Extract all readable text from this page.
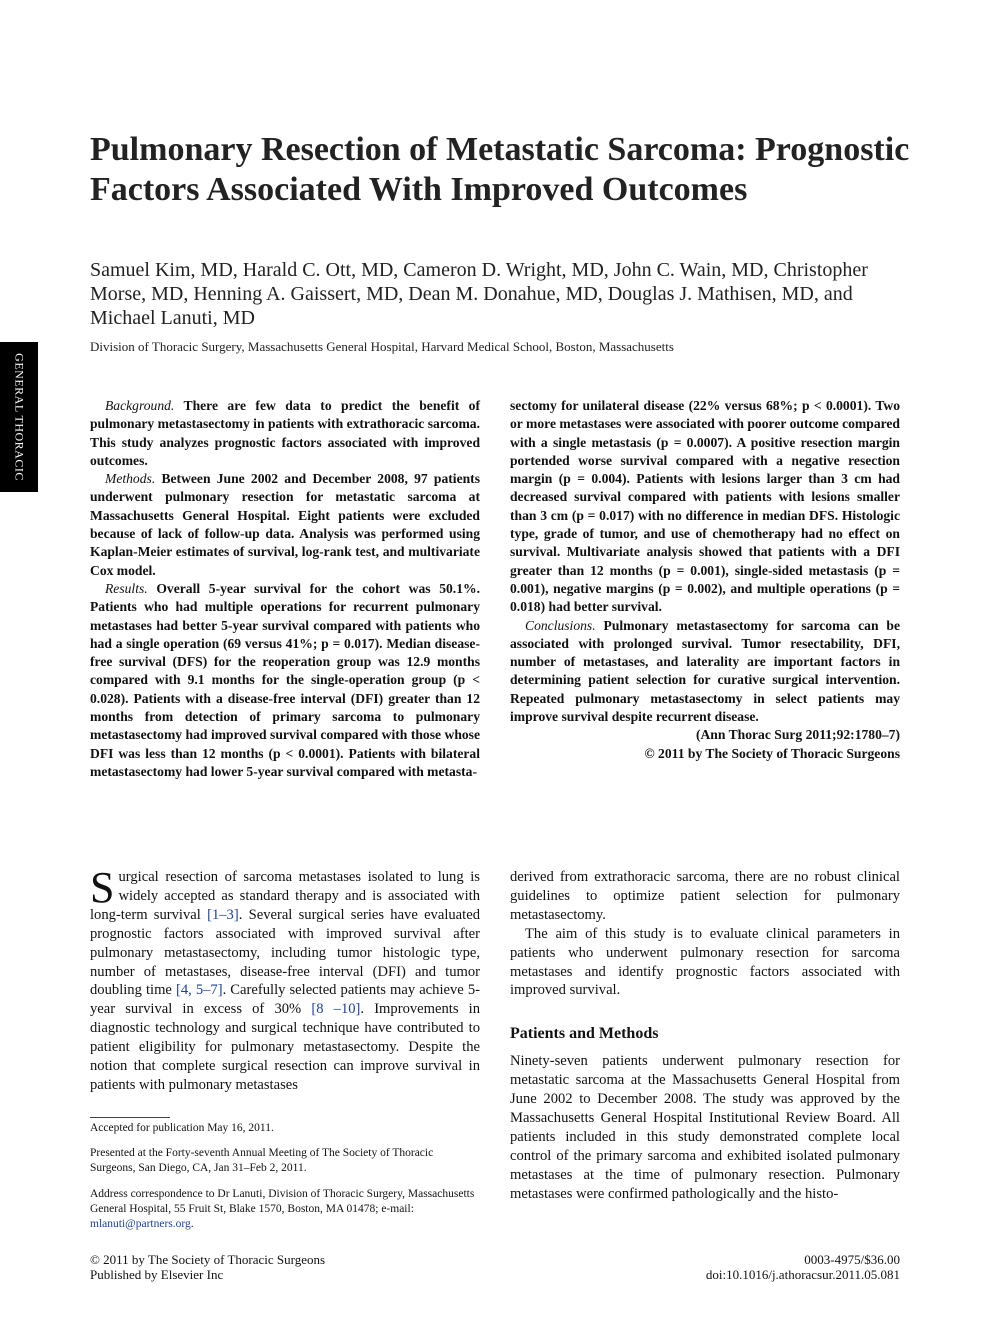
GENERAL THORACIC
Pulmonary Resection of Metastatic Sarcoma: Prognostic Factors Associated With Improved Outcomes

Samuel Kim, MD, Harald C. Ott, MD, Cameron D. Wright, MD, John C. Wain, MD, Christopher Morse, MD, Henning A. Gaissert, MD, Dean M. Donahue, MD, Douglas J. Mathisen, MD, and Michael Lanuti, MD

Division of Thoracic Surgery, Massachusetts General Hospital, Harvard Medical School, Boston, Massachusetts

Background. There are few data to predict the benefit of pulmonary metastasectomy in patients with extrathoracic sarcoma. This study analyzes prognostic factors associated with improved outcomes.

Methods. Between June 2002 and December 2008, 97 patients underwent pulmonary resection for metastatic sarcoma at Massachusetts General Hospital. Eight patients were excluded because of lack of follow-up data. Analysis was performed using Kaplan-Meier estimates of survival, log-rank test, and multivariate Cox model.

Results. Overall 5-year survival for the cohort was 50.1%. Patients who had multiple operations for recurrent pulmonary metastases had better 5-year survival compared with patients who had a single operation (69 versus 41%; p = 0.017). Median disease- free survival (DFS) for the reoperation group was 12.9 months compared with 9.1 months for the single-operation group (p < 0.028). Patients with a disease-free interval (DFI) greater than 12 months from detection of primary sarcoma to pulmonary metastasectomy had improved survival compared with those whose DFI was less than 12 months (p < 0.0001). Patients with bilateral metastasectomy had lower 5-year survival compared with metasta-

sectomy for unilateral disease (22% versus 68%; p < 0.0001). Two or more metastases were associated with poorer outcome compared with a single metastasis (p = 0.0007). A positive resection margin portended worse survival compared with a negative resection margin (p = 0.004). Patients with lesions larger than 3 cm had decreased survival compared with patients with lesions smaller than 3 cm (p = 0.017) with no difference in median DFS. Histologic type, grade of tumor, and use of chemotherapy had no effect on survival. Multivariate analysis showed that patients with a DFI greater than 12 months (p = 0.001), single-sided metastasis (p = 0.001), negative margins (p = 0.002), and multiple operations (p = 0.018) had better survival.

Conclusions. Pulmonary metastasectomy for sarcoma can be associated with prolonged survival. Tumor resectability, DFI, number of metastases, and laterality are important factors in determining patient selection for curative surgical intervention. Repeated pulmonary metastasectomy in select patients may improve survival despite recurrent disease.

(Ann Thorac Surg 2011;92:1780–7)

© 2011 by The Society of Thoracic Surgeons

Surgical resection of sarcoma metastases isolated to lung is widely accepted as standard therapy and is associated with long-term survival [1–3]. Several surgical series have evaluated prognostic factors associated with improved survival after pulmonary metastasectomy, including tumor histologic type, number of metastases, disease-free interval (DFI) and tumor doubling time [4, 5–7]. Carefully selected patients may achieve 5-year survival in excess of 30% [8 –10]. Improvements in diagnostic technology and surgical technique have contributed to patient eligibility for pulmonary metastasectomy. Despite the notion that complete surgical resection can improve survival in patients with pulmonary metastases

derived from extrathoracic sarcoma, there are no robust clinical guidelines to optimize patient selection for pulmonary metastasectomy.

The aim of this study is to evaluate clinical parameters in patients who underwent pulmonary resection for sarcoma metastases and identify prognostic factors associated with improved survival.

Patients and Methods

Ninety-seven patients underwent pulmonary resection for metastatic sarcoma at the Massachusetts General Hospital from June 2002 to December 2008. The study was approved by the Massachusetts General Hospital Institutional Review Board. All patients included in this study demonstrated complete local control of the primary sarcoma and exhibited isolated pulmonary metastases at the time of pulmonary resection. Pulmonary metastases were confirmed pathologically and the histo-

Accepted for publication May 16, 2011.

Presented at the Forty-seventh Annual Meeting of The Society of Thoracic Surgeons, San Diego, CA, Jan 31–Feb 2, 2011.

Address correspondence to Dr Lanuti, Division of Thoracic Surgery, Massachusetts General Hospital, 55 Fruit St, Blake 1570, Boston, MA 01478; e-mail: mlanuti@partners.org.

© 2011 by The Society of Thoracic Surgeons
Published by Elsevier Inc
0003-4975/$36.00
doi:10.1016/j.athoracsur.2011.05.081
